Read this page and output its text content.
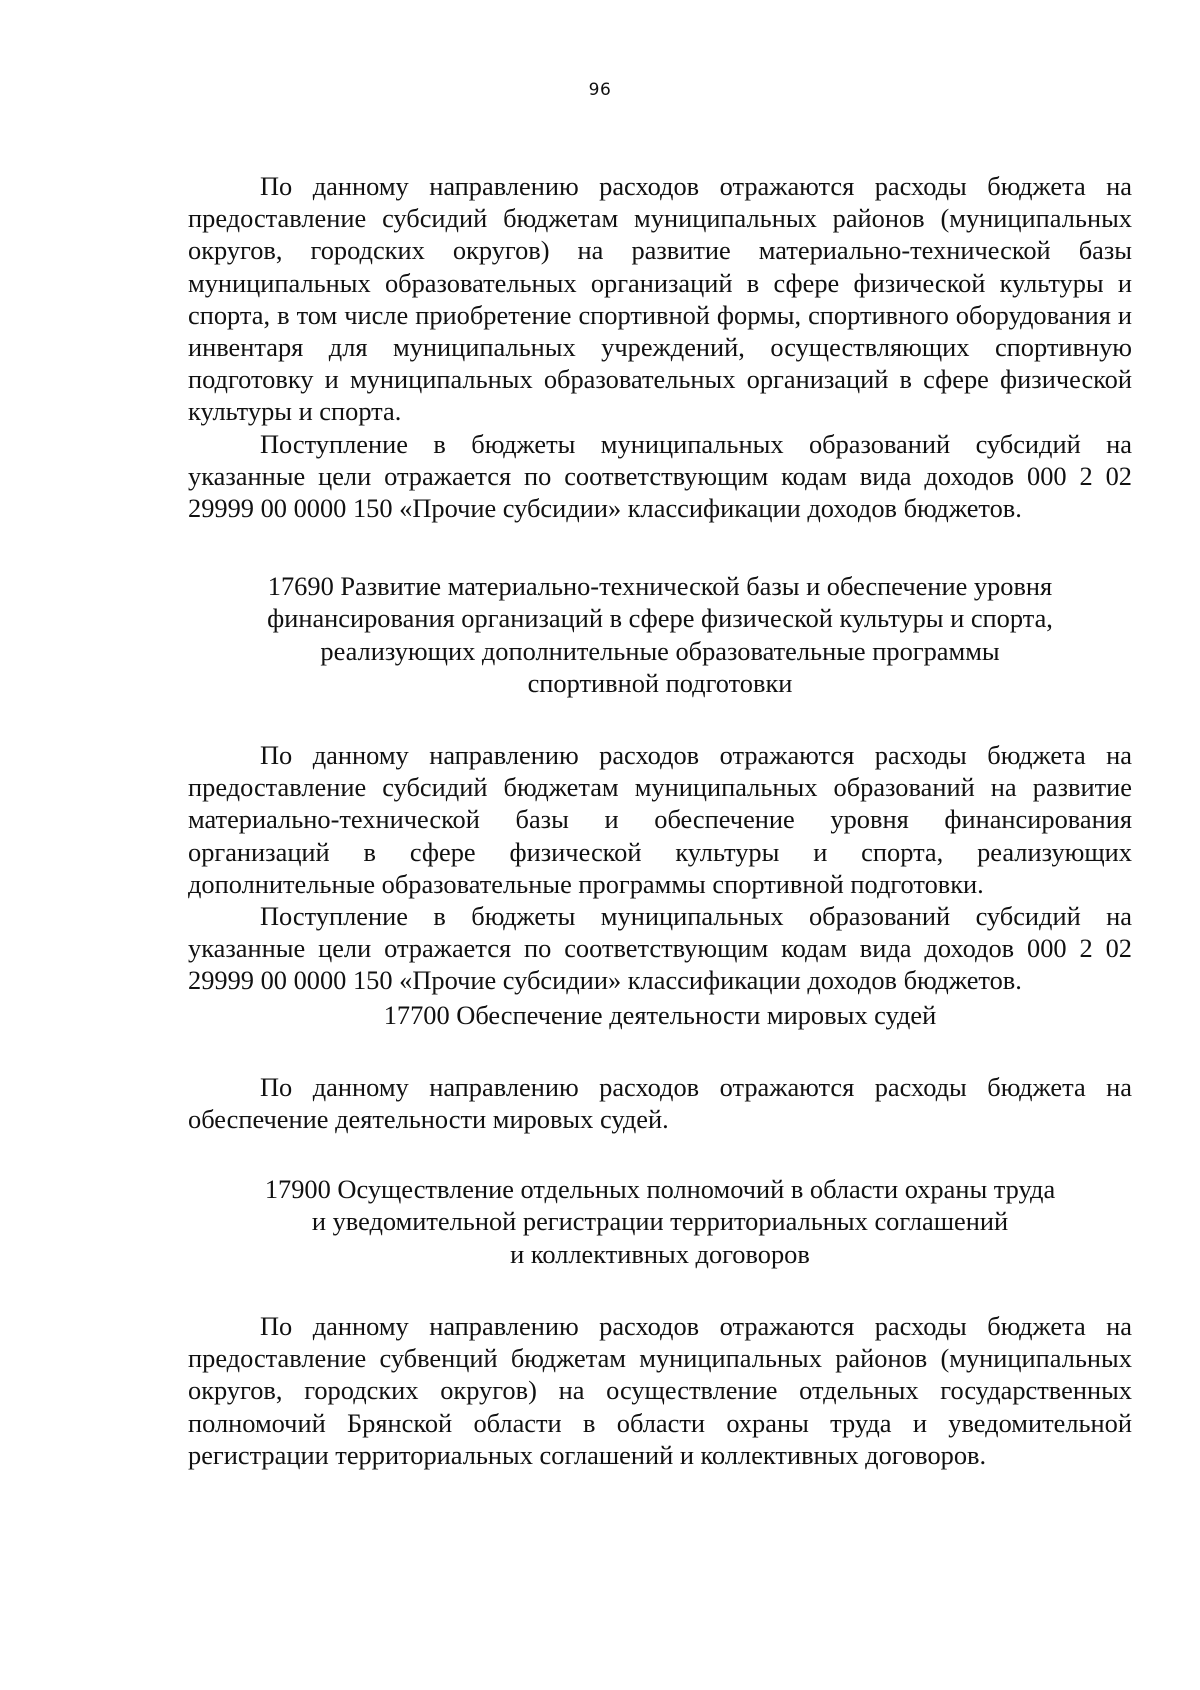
96

По данному направлению расходов отражаются расходы бюджета на предоставление субсидий бюджетам муниципальных районов (муниципальных округов, городских округов) на развитие материально-технической базы муниципальных образовательных организаций в сфере физической культуры и спорта, в том числе приобретение спортивной формы, спортивного оборудования и инвентаря для муниципальных учреждений, осуществляющих спортивную подготовку и муниципальных образовательных организаций в сфере физической культуры и спорта.

Поступление в бюджеты муниципальных образований субсидий на указанные цели отражается по соответствующим кодам вида доходов 000 2 02 29999 00 0000 150 «Прочие субсидии» классификации доходов бюджетов.

17690 Развитие материально-технической базы и обеспечение уровня
финансирования организаций в сфере физической культуры и спорта,
реализующих дополнительные образовательные программы
спортивной подготовки

По данному направлению расходов отражаются расходы бюджета на предоставление субсидий бюджетам муниципальных образований на развитие материально-технической базы и обеспечение уровня финансирования организаций в сфере физической культуры и спорта, реализующих дополнительные образовательные программы спортивной подготовки.

Поступление в бюджеты муниципальных образований субсидий на указанные цели отражается по соответствующим кодам вида доходов 000 2 02 29999 00 0000 150 «Прочие субсидии» классификации доходов бюджетов.

17700 Обеспечение деятельности мировых судей

По данному направлению расходов отражаются расходы бюджета на обеспечение деятельности мировых судей.

17900 Осуществление отдельных полномочий в области охраны труда
и уведомительной регистрации территориальных соглашений
и коллективных договоров

По данному направлению расходов отражаются расходы бюджета на предоставление субвенций бюджетам муниципальных районов (муниципальных округов, городских округов) на осуществление отдельных государственных полномочий Брянской области в области охраны труда и уведомительной регистрации территориальных соглашений и коллективных договоров.
